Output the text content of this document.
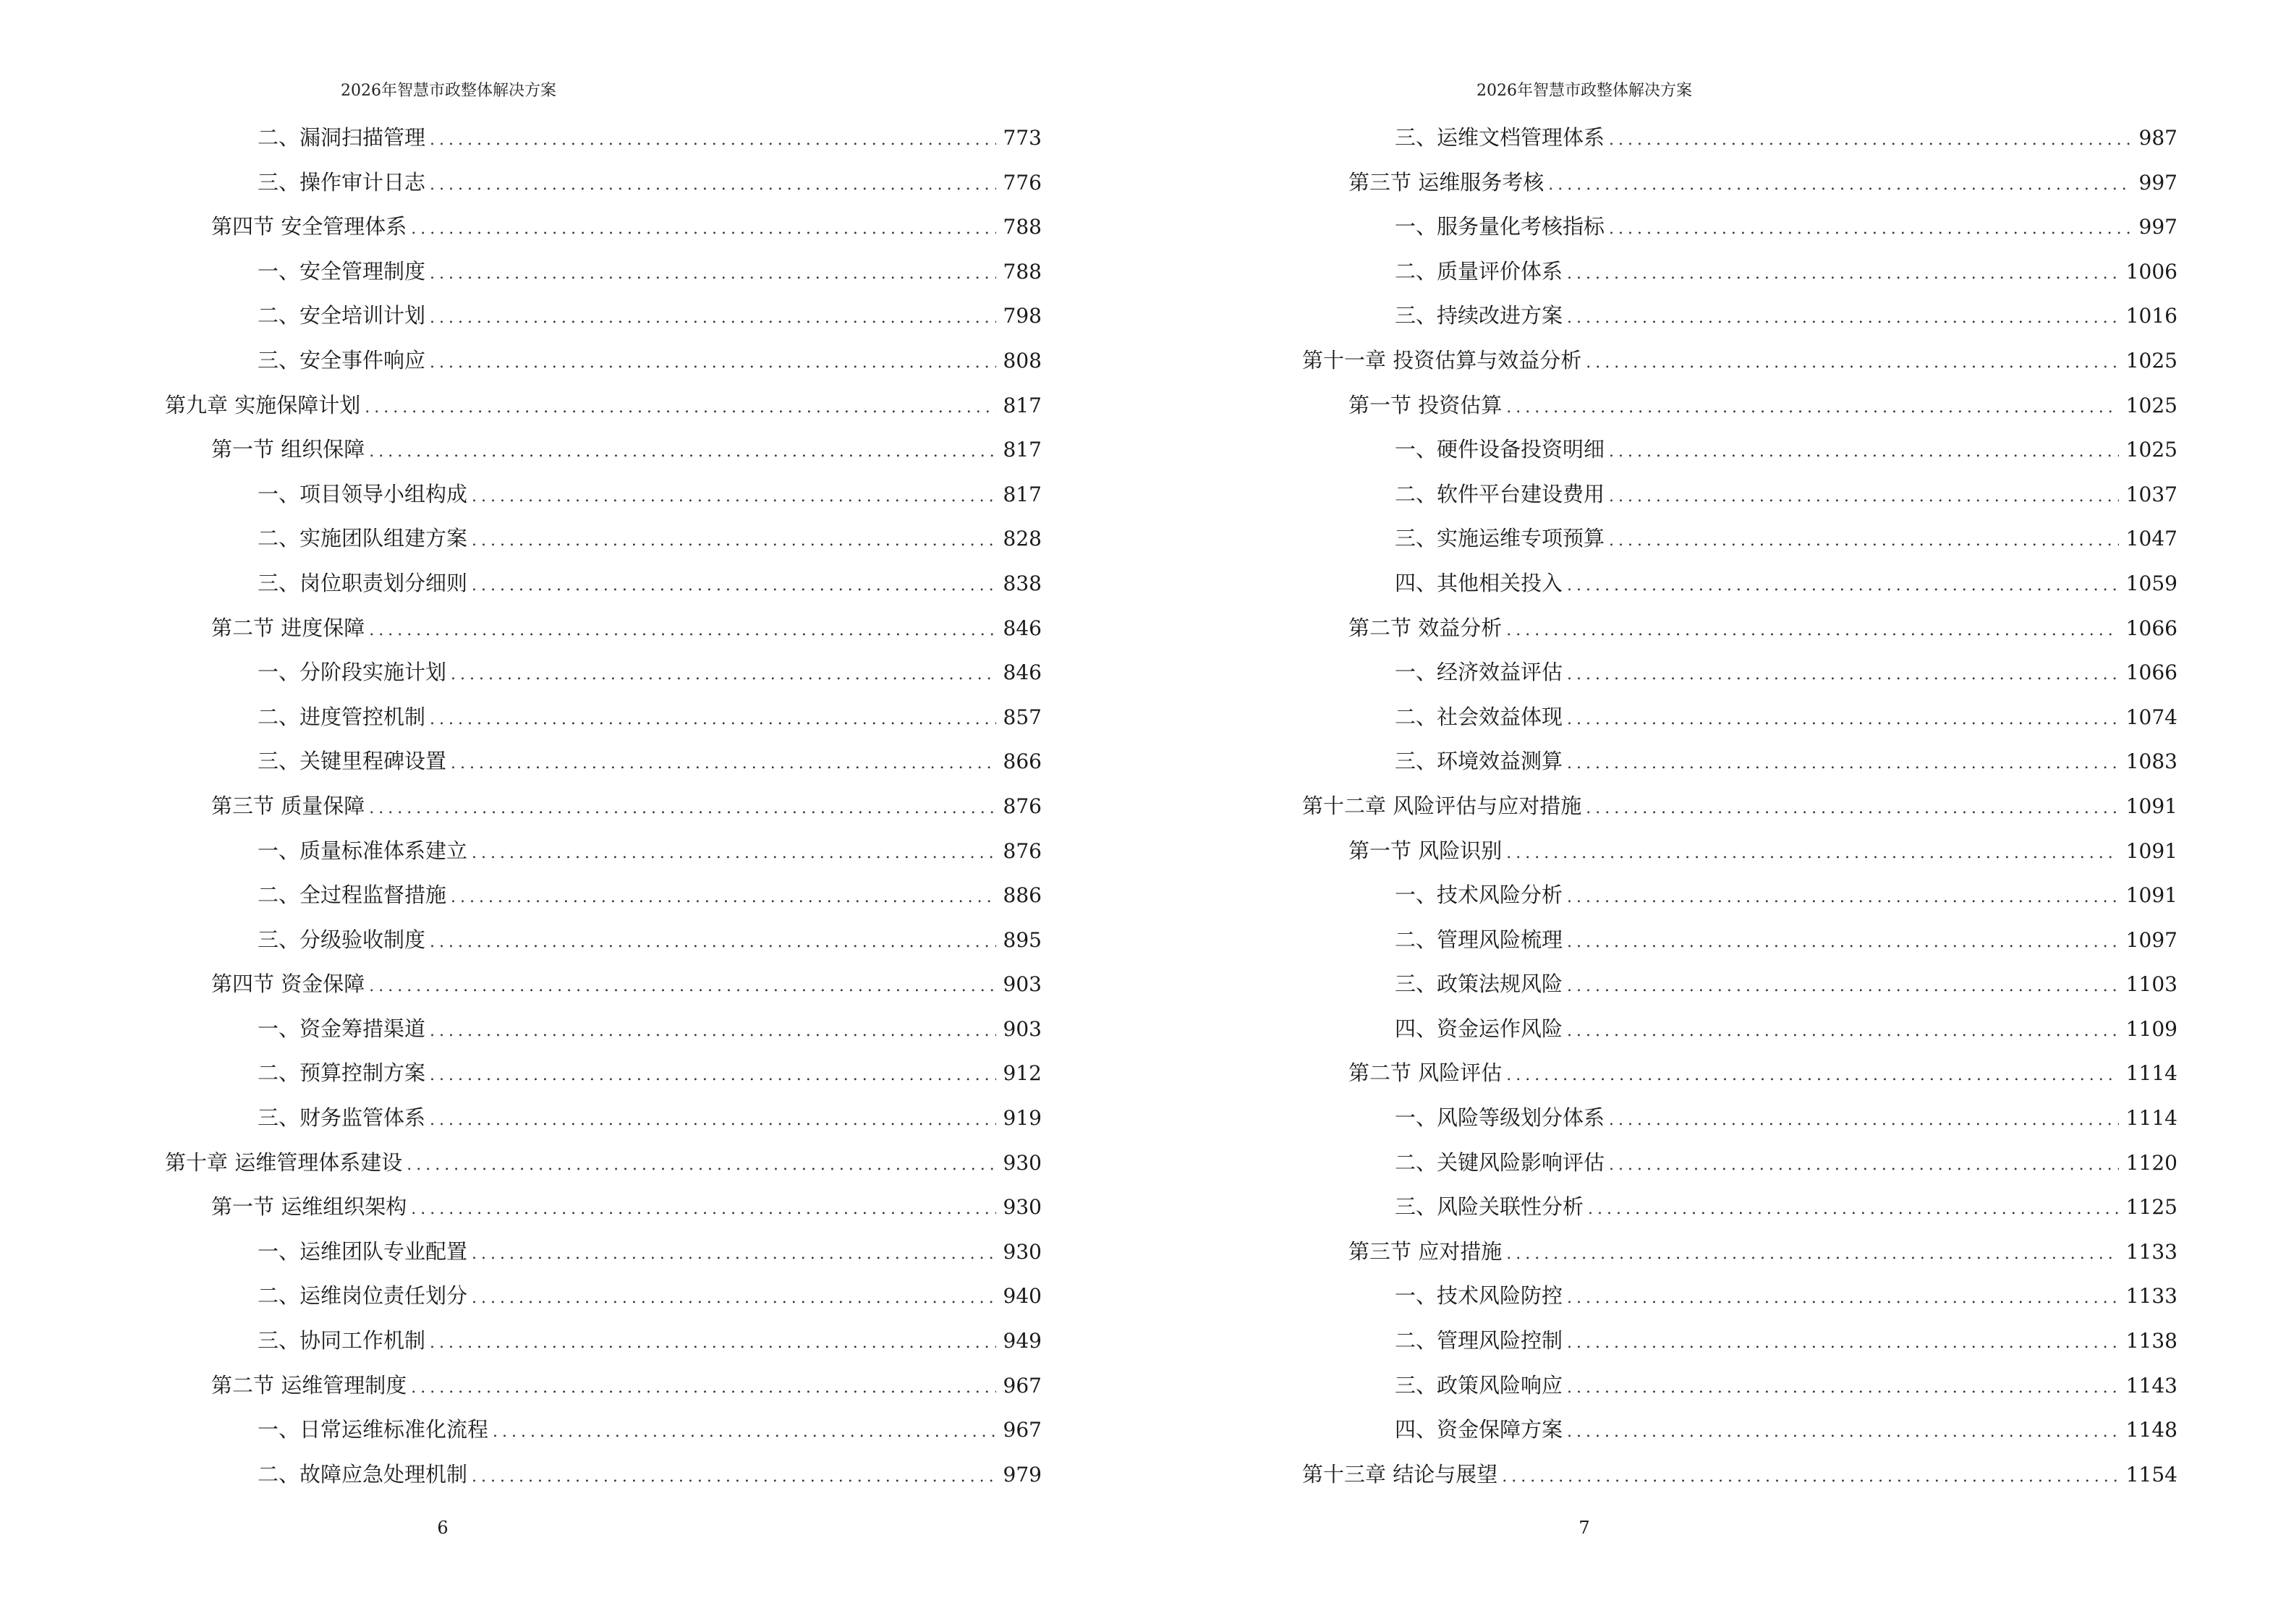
2026年智慧市政整体解决方案
二、漏洞扫描管理 .....	773
三、操作审计日志 .....	776
第四节 安全管理体系 .....	788
一、安全管理制度 .....	788
二、安全培训计划 .....	798
三、安全事件响应 .....	808
第九章 实施保障计划 .....	817
第一节 组织保障 .....	817
一、项目领导小组构成 .....	817
二、实施团队组建方案 .....	828
三、岗位职责划分细则 .....	838
第二节 进度保障 .....	846
一、分阶段实施计划 .....	846
二、进度管控机制 .....	857
三、关键里程碑设置 .....	866
第三节 质量保障 .....	876
一、质量标准体系建立 .....	876
二、全过程监督措施 .....	886
三、分级验收制度 .....	895
第四节 资金保障 .....	903
一、资金筹措渠道 .....	903
二、预算控制方案 .....	912
三、财务监管体系 .....	919
第十章 运维管理体系建设 .....	930
第一节 运维组织架构 .....	930
一、运维团队专业配置 .....	930
二、运维岗位责任划分 .....	940
三、协同工作机制 .....	949
第二节 运维管理制度 .....	967
一、日常运维标准化流程 .....	967
二、故障应急处理机制 .....	979
6
2026年智慧市政整体解决方案
三、运维文档管理体系 .....	987
第三节 运维服务考核 .....	997
一、服务量化考核指标 .....	997
二、质量评价体系 .....	1006
三、持续改进方案 .....	1016
第十一章 投资估算与效益分析 .....	1025
第一节 投资估算 .....	1025
一、硬件设备投资明细 .....	1025
二、软件平台建设费用 .....	1037
三、实施运维专项预算 .....	1047
四、其他相关投入 .....	1059
第二节 效益分析 .....	1066
一、经济效益评估 .....	1066
二、社会效益体现 .....	1074
三、环境效益测算 .....	1083
第十二章 风险评估与应对措施 .....	1091
第一节 风险识别 .....	1091
一、技术风险分析 .....	1091
二、管理风险梳理 .....	1097
三、政策法规风险 .....	1103
四、资金运作风险 .....	1109
第二节 风险评估 .....	1114
一、风险等级划分体系 .....	1114
二、关键风险影响评估 .....	1120
三、风险关联性分析 .....	1125
第三节 应对措施 .....	1133
一、技术风险防控 .....	1133
二、管理风险控制 .....	1138
三、政策风险响应 .....	1143
四、资金保障方案 .....	1148
第十三章 结论与展望 .....	1154
7
